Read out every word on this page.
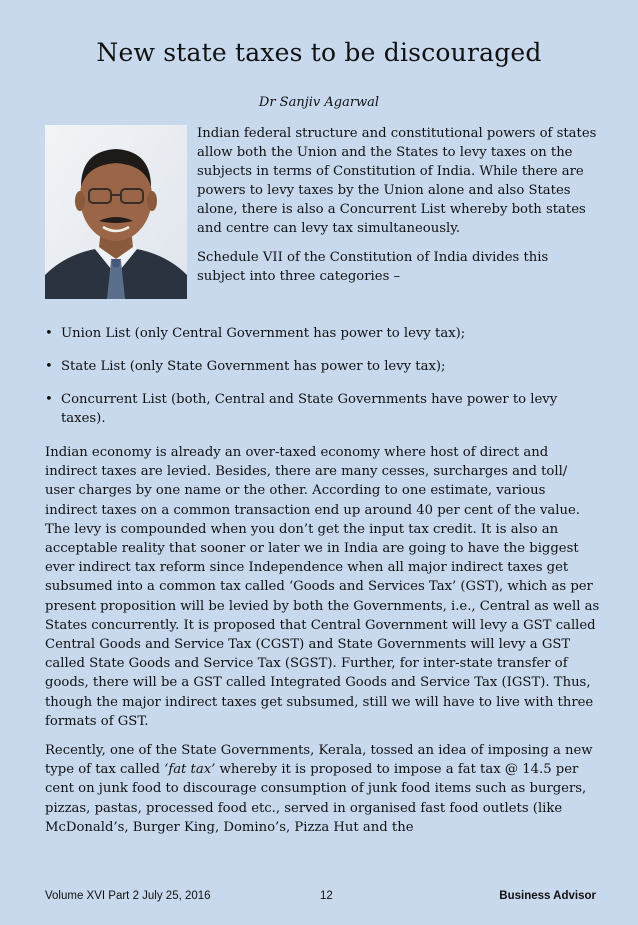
New state taxes to be discouraged
Dr Sanjiv Agarwal

Indian federal structure and constitutional powers of states allow both the Union and the States to levy taxes on the subjects in terms of Constitution of India. While there are powers to levy taxes by the Union alone and also States alone, there is also a Concurrent List whereby both states and centre can levy tax simultaneously.

Schedule VII of the Constitution of India divides this subject into three categories –

• Union List (only Central Government has power to levy tax);
• State List (only State Government has power to levy tax);
• Concurrent List (both, Central and State Governments have power to levy taxes).

Indian economy is already an over-taxed economy where host of direct and indirect taxes are levied. Besides, there are many cesses, surcharges and toll/ user charges by one name or the other. According to one estimate, various indirect taxes on a common transaction end up around 40 per cent of the value. The levy is compounded when you don’t get the input tax credit. It is also an acceptable reality that sooner or later we in India are going to have the biggest ever indirect tax reform since Independence when all major indirect taxes get subsumed into a common tax called ‘Goods and Services Tax’ (GST), which as per present proposition will be levied by both the Governments, i.e., Central as well as States concurrently. It is proposed that Central Government will levy a GST called Central Goods and Service Tax (CGST) and State Governments will levy a GST called State Goods and Service Tax (SGST). Further, for inter-state transfer of goods, there will be a GST called Integrated Goods and Service Tax (IGST). Thus, though the major indirect taxes get subsumed, still we will have to live with three formats of GST.

Recently, one of the State Governments, Kerala, tossed an idea of imposing a new type of tax called ‘fat tax’ whereby it is proposed to impose a fat tax @ 14.5 per cent on junk food to discourage consumption of junk food items such as burgers, pizzas, pastas, processed food etc., served in organised fast food outlets (like McDonald’s, Burger King, Domino’s, Pizza Hut and the

Volume XVI Part 2 July 25, 2016	12	Business Advisor
